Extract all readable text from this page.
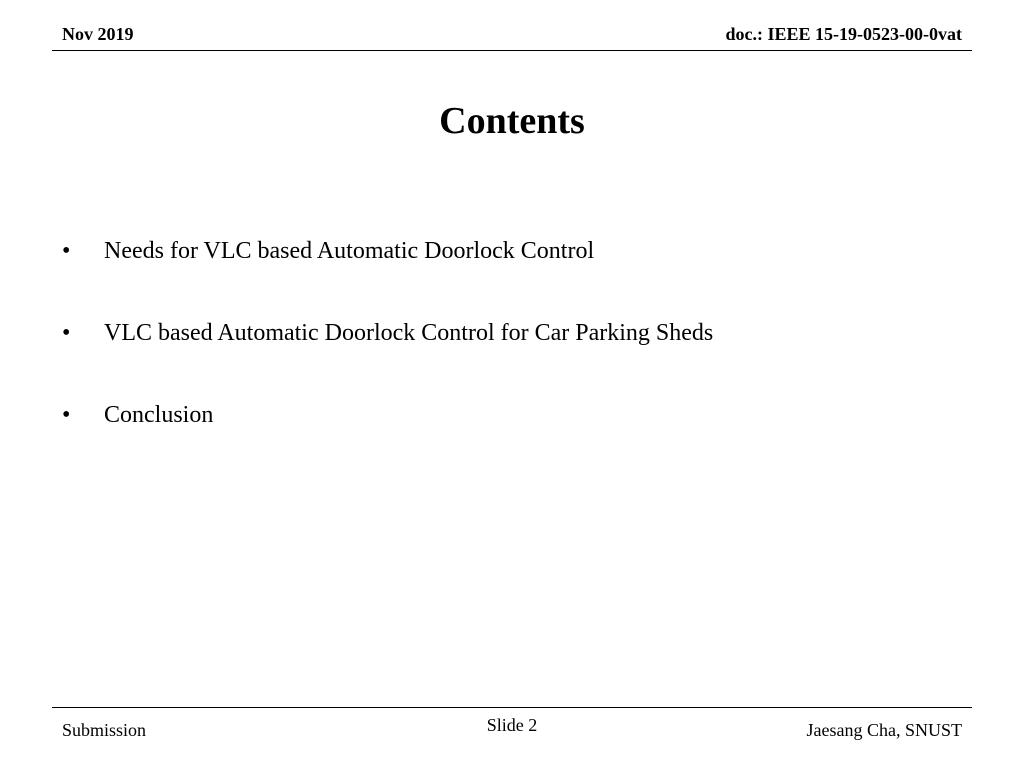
Nov 2019	doc.: IEEE 15-19-0523-00-0vat
Contents
•	Needs for VLC based Automatic Doorlock Control
•	VLC based Automatic Doorlock Control for Car Parking Sheds
•	Conclusion
Submission	Slide 2	Jaesang Cha, SNUST
